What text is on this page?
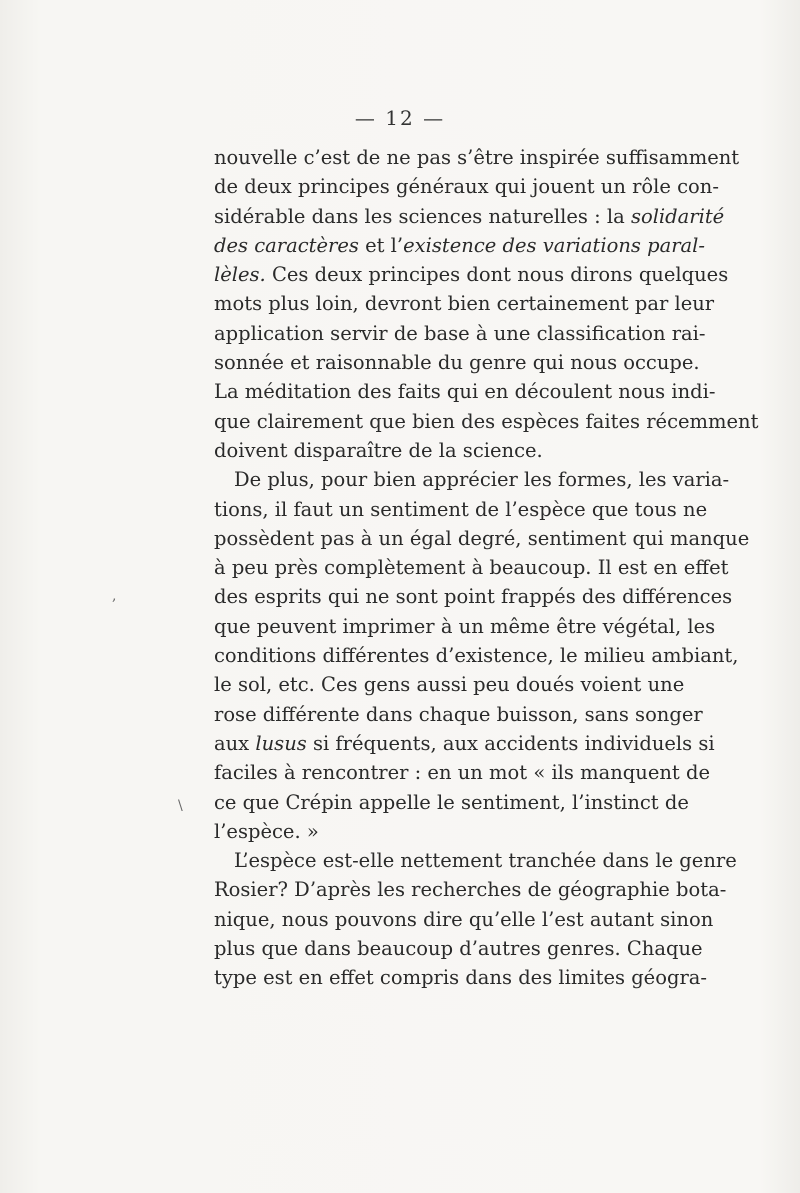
— 12 —
nouvelle c’est de ne pas s’être inspirée suffisamment
de deux principes généraux qui jouent un rôle con-
sidérable dans les sciences naturelles : la solidarité
des caractères et l’existence des variations paral-
lèles. Ces deux principes dont nous dirons quelques
mots plus loin, devront bien certainement par leur
application servir de base à une classification rai-
sonnée et raisonnable du genre qui nous occupe.
La méditation des faits qui en découlent nous indi-
que clairement que bien des espèces faites récemment
doivent disparaître de la science.
De plus, pour bien apprécier les formes, les varia-
tions, il faut un sentiment de l’espèce que tous ne
possèdent pas à un égal degré, sentiment qui manque
à peu près complètement à beaucoup. Il est en effet
des esprits qui ne sont point frappés des différences
que peuvent imprimer à un même être végétal, les
conditions différentes d’existence, le milieu ambiant,
le sol, etc. Ces gens aussi peu doués voient une
rose différente dans chaque buisson, sans songer
aux lusus si fréquents, aux accidents individuels si
faciles à rencontrer : en un mot « ils manquent de
ce que Crépin appelle le sentiment, l’instinct de
l’espèce. »
L’espèce est-elle nettement tranchée dans le genre
Rosier? D’après les recherches de géographie bota-
nique, nous pouvons dire qu’elle l’est autant sinon
plus que dans beaucoup d’autres genres. Chaque
type est en effet compris dans des limites géogra-
,
\
